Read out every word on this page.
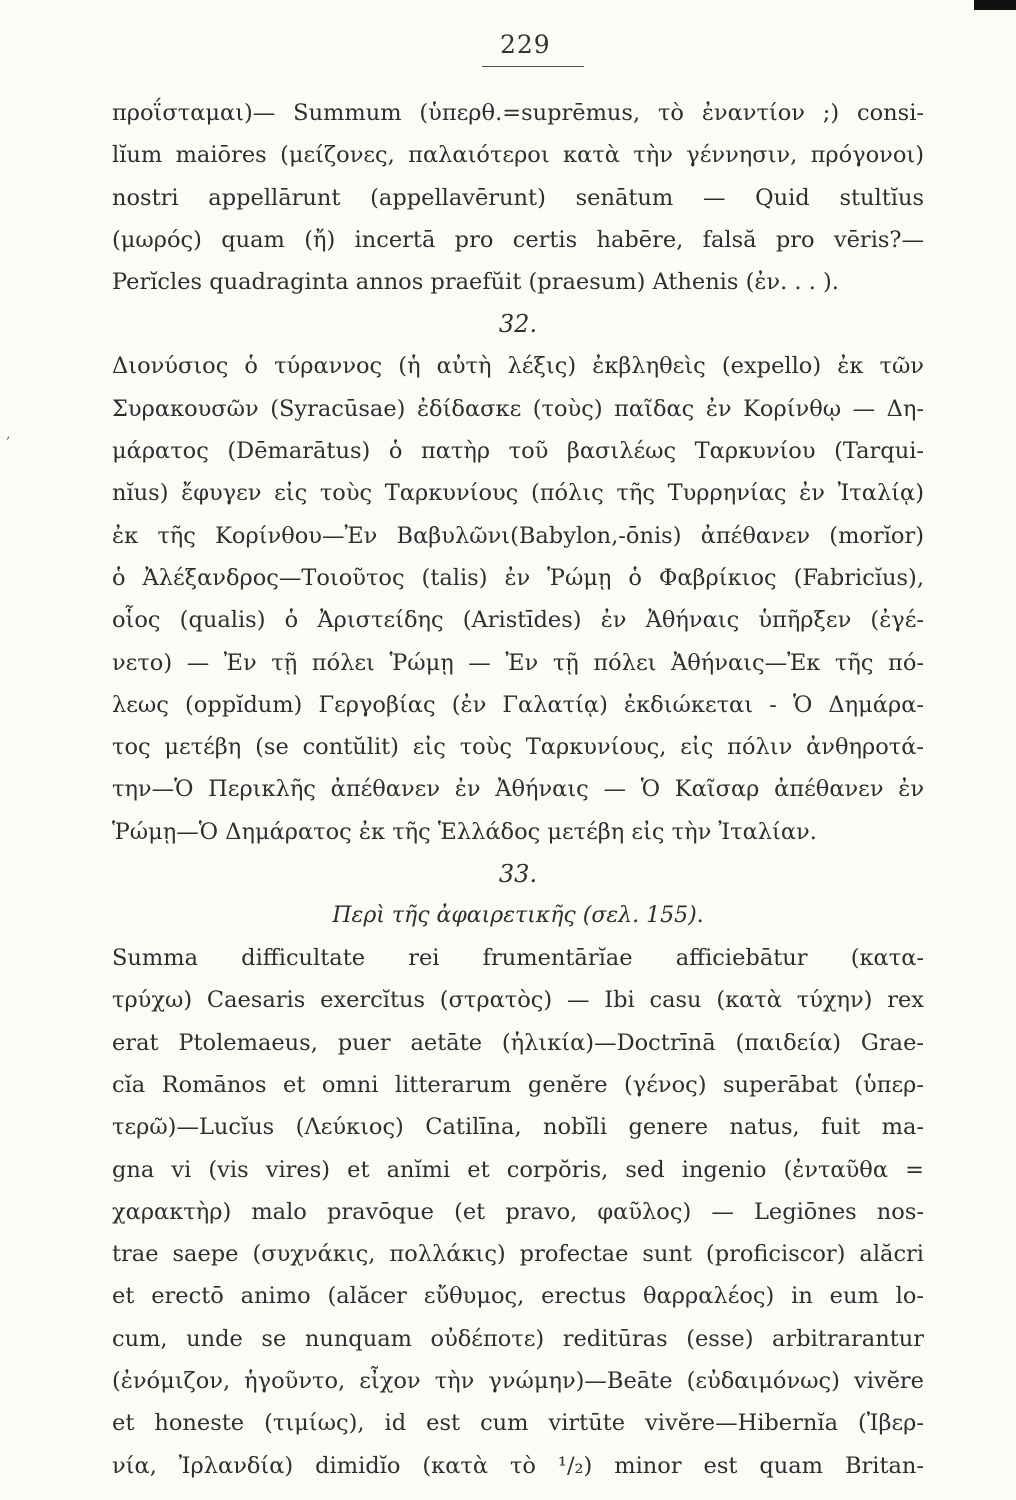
229
‚
προΐσταμαι)— Summum (ὑπερθ.=suprēmus, τὸ ἐναντίον ;) consi-
lĭum maiōres (μείζονες, παλαιότεροι κατὰ τὴν γέννησιν, πρόγονοι)
nostri appellārunt (appellavērunt) senātum — Quid stultĭus
(μωρός) quam (ἤ) incertā pro certis habēre, falsă pro vēris?—
Perĭcles quadraginta annos praefŭit (praesum) Athenis (ἐν. . . ).
32.
Διονύσιος ὁ τύραννος (ἡ αὐτὴ λέξις) ἐκβληθεὶς (expello) ἐκ τῶν
Συρακουσῶν (Syracūsae) ἐδίδασκε (τοὺς) παῖδας ἐν Κορίνθῳ — Δη-
μάρατος (Dēmarātus) ὁ πατὴρ τοῦ βασιλέως Ταρκυνίου (Tarqui-
nĭus) ἔφυγεν εἰς τοὺς Ταρκυνίους (πόλις τῆς Τυρρηνίας ἐν Ἰταλίᾳ)
ἐκ τῆς Κορίνθου—Ἐν Βαβυλῶνι(Babylon,-ōnis) ἀπέθανεν (morĭor)
ὁ Ἀλέξανδρος—Τοιοῦτος (talis) ἐν Ῥώμῃ ὁ Φαβρίκιος (Fabricĭus),
οἷος (qualis) ὁ Ἀριστείδης (Aristīdes) ἐν Ἀθήναις ὑπῆρξεν (ἐγέ-
νετο) — Ἐν τῇ πόλει Ῥώμῃ — Ἐν τῇ πόλει Ἀθήναις—Ἐκ τῆς πό-
λεως (oppĭdum) Γεργοβίας (ἐν Γαλατίᾳ) ἐκδιώκεται - Ὁ Δημάρα-
τος μετέβη (se contŭlit) εἰς τοὺς Ταρκυνίους, εἰς πόλιν ἀνθηροτά-
την—Ὁ Περικλῆς ἀπέθανεν ἐν Ἀθήναις — Ὁ Καῖσαρ ἀπέθανεν ἐν
Ῥώμῃ—Ὁ Δημάρατος ἐκ τῆς Ἑλλάδος μετέβη εἰς τὴν Ἰταλίαν.
33.
Περὶ τῆς ἀφαιρετικῆς (σελ. 155).
Summa difficultate rei frumentārĭae afficiebātur (κατα-
τρύχω) Caesaris exercĭtus (στρατὸς) — Ibi casu (κατὰ τύχην) rex
erat Ptolemaeus, puer aetāte (ἡλικία)—Doctrīnā (παιδεία) Grae-
cĭa Romānos et omni litterarum genĕre (γένος) superābat (ὑπερ-
τερῶ)—Lucĭus (Λεύκιος) Catilīna, nobĭli genere natus, fuit ma-
gna vi (vis vires) et anĭmi et corpŏris, sed ingenio (ἐνταῦθα =
χαρακτὴρ) malo pravōque (et pravo, φαῦλος) — Legiōnes nos-
trae saepe (συχνάκις, πολλάκις) profectae sunt (proficiscor) alăcri
et erectō animo (alăcer εὔθυμος, erectus θαρραλέος) in eum lo-
cum, unde se nunquam οὐδέποτε) reditūras (esse) arbitrarantur
(ἐνόμιζον, ἡγοῦντο, εἶχον τὴν γνώμην)—Beāte (εὐδαιμόνως) vivĕre
et honeste (τιμίως), id est cum virtūte vivĕre—Hibernĭa (Ἰβερ-
νία, Ἰρλανδία) dimidĭo (κατὰ τὸ ¹/₂) minor est quam Britan-
